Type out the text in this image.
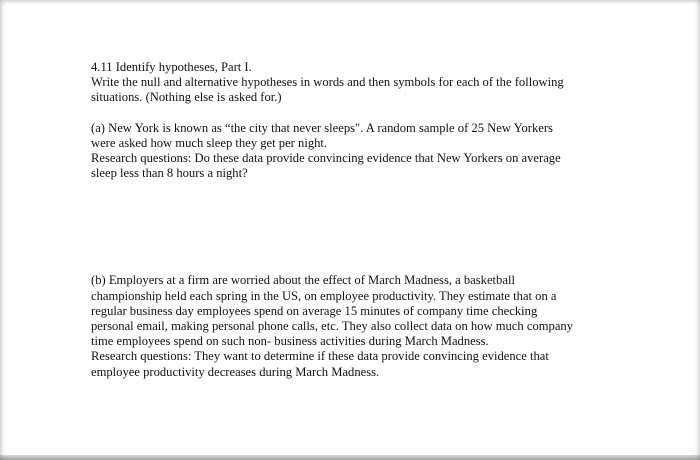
4.11 Identify hypotheses, Part I.
Write the null and alternative hypotheses in words and then symbols for each of the following
situations. (Nothing else is asked for.)
(a) New York is known as “the city that never sleeps". A random sample of 25 New Yorkers
were asked how much sleep they get per night.
Research questions: Do these data provide convincing evidence that New Yorkers on average
sleep less than 8 hours a night?
(b) Employers at a firm are worried about the effect of March Madness, a basketball
championship held each spring in the US, on employee productivity. They estimate that on a
regular business day employees spend on average 15 minutes of company time checking
personal email, making personal phone calls, etc. They also collect data on how much company
time employees spend on such non- business activities during March Madness.
Research questions: They want to determine if these data provide convincing evidence that
employee productivity decreases during March Madness.
